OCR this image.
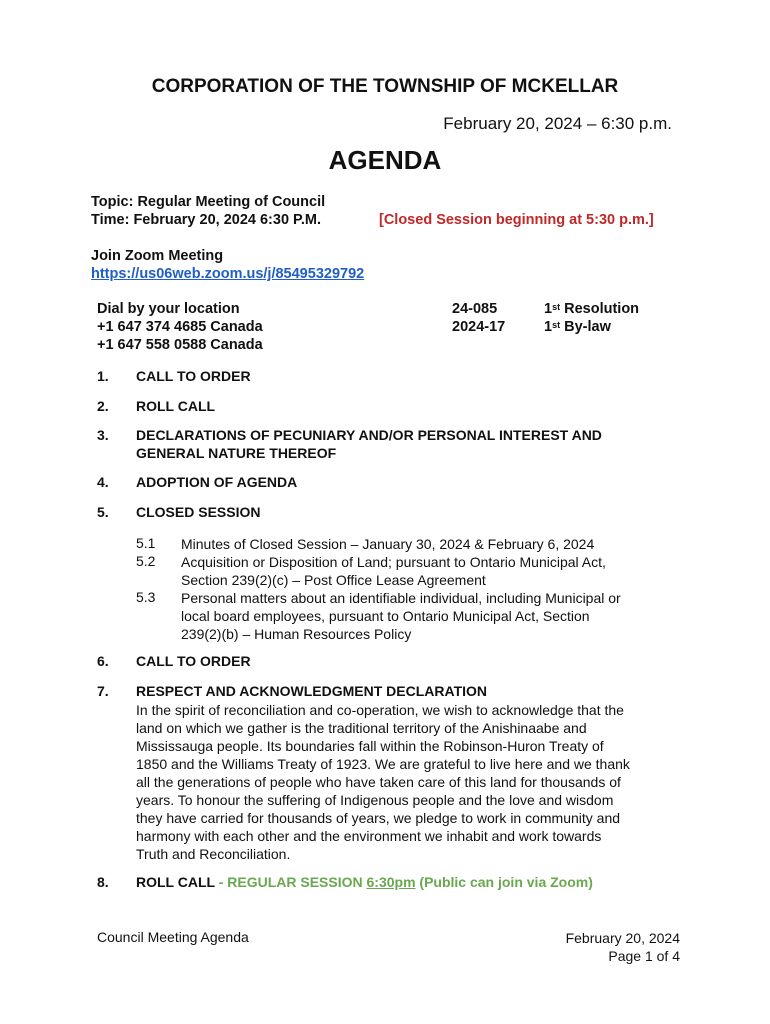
CORPORATION OF THE TOWNSHIP OF MCKELLAR
February 20, 2024 – 6:30 p.m.
AGENDA
Topic: Regular Meeting of Council
Time: February 20, 2024 6:30 P.M.	[Closed Session beginning at 5:30 p.m.]
Join Zoom Meeting
https://us06web.zoom.us/j/85495329792
Dial by your location
+1 647 374 4685 Canada
+1 647 558 0588 Canada
24-085
2024-17
1st Resolution
1st By-law
1. CALL TO ORDER
2. ROLL CALL
3. DECLARATIONS OF PECUNIARY AND/OR PERSONAL INTEREST AND
GENERAL NATURE THEREOF
4. ADOPTION OF AGENDA
5. CLOSED SESSION
5.1 Minutes of Closed Session – January 30, 2024 & February 6, 2024
5.2 Acquisition or Disposition of Land; pursuant to Ontario Municipal Act,
Section 239(2)(c) – Post Office Lease Agreement
5.3 Personal matters about an identifiable individual, including Municipal or
local board employees, pursuant to Ontario Municipal Act, Section
239(2)(b) – Human Resources Policy
6. CALL TO ORDER
7. RESPECT AND ACKNOWLEDGMENT DECLARATION
In the spirit of reconciliation and co-operation, we wish to acknowledge that the
land on which we gather is the traditional territory of the Anishinaabe and
Mississauga people. Its boundaries fall within the Robinson-Huron Treaty of
1850 and the Williams Treaty of 1923. We are grateful to live here and we thank
all the generations of people who have taken care of this land for thousands of
years. To honour the suffering of Indigenous people and the love and wisdom
they have carried for thousands of years, we pledge to work in community and
harmony with each other and the environment we inhabit and work towards
Truth and Reconciliation.
8. ROLL CALL - REGULAR SESSION 6:30pm (Public can join via Zoom)
Council Meeting Agenda	February 20, 2024
Page 1 of 4
